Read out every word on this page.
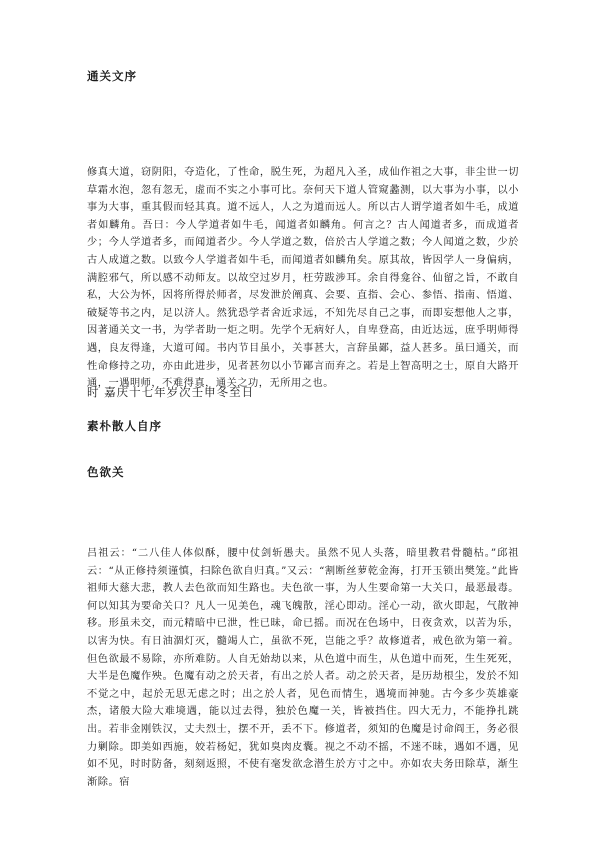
通关文序

修真大道，窃阴阳，夺造化，了性命，脱生死，为超凡入圣，成仙作祖之大事，非尘世一切草霜水泡，忽有忽无，虚而不实之小事可比。奈何天下道人管窥蠡测，以大事为小事，以小事为大事，重其假而轻其真。道不远人，人之为道而远人。所以古人谓学道者如牛毛，成道者如麟角。吾曰：今人学道者如牛毛，闻道者如麟角。何言之？古人闻道者多，而成道者少；今人学道者多，而闻道者少。今人学道之数，倍於古人学道之数；今人闻道之数，少於古人成道之数。以致今人学道者如牛毛，而闻道者如麟角矣。原其故，皆因学人一身偏病，满腔邪气，所以感不动师友。以故空过岁月，枉劳跋涉耳。余自得龛谷、仙留之旨，不敢自私，大公为怀，因将所得於师者，尽发泄於阐真、会要、直指、会心、参悟、指南、悟道、破疑等书之内，足以济人。然犹恐学者舍近求远，不知先尽自己之事，而即妄想他人之事，因著通关文一书，为学者助一炬之明。先学个无病好人，自卑登高，由近达远，庶乎明师得遇，良友得逢，大道可闻。书内节目虽小，关事甚大，言辞虽鄙，益人甚多。虽曰通关，而性命修持之功，亦由此进步，见者甚勿以小节鄙言而弃之。若是上智高明之士，原自大路开通，一遇明师，不难得真，通关之功，无所用之也。

时 嘉庆十七年岁次壬申冬至日

素朴散人自序
色欲关

吕祖云：“二八佳人体似酥，腰中仗剑斩愚夫。虽然不见人头落，暗里教君骨髓枯。”邱祖云：“从正修持须谨慎，扫除色欲自归真。”又云：“割断丝萝乾金海，打开玉锁出樊笼。”此皆祖师大慈大悲，教人去色欲而知生路也。夫色欲一事，为人生要命第一大关口，最恶最毒。何以知其为要命关口？凡人一见美色，魂飞魄散，淫心即动。淫心一动，欲火即起，气散神移。形虽未交，而元精暗中已泄，性已昧，命已摇。而况在色场中，日夜贪欢，以苦为乐，以害为快。有日油涸灯灭，髓竭人亡，虽欲不死，岂能之乎？故修道者，戒色欲为第一着。但色欲最不易除，亦所难防。人自无始劫以来，从色道中而生，从色道中而死，生生死死，大半是色魔作殃。色魔有动之於天者，有出之於人者。动之於天者，是历劫根尘，发於不知不觉之中，起於无思无虑之时；出之於人者，见色而情生，遇境而神驰。古今多少英雄豪杰，诸般大险大难境遇，能以过去得，独於色魔一关，皆被挡住。四大无力，不能挣扎跳出。若非金刚铁汉，丈夫烈士，摆不开，丢不下。修道者，须知的色魔是讨命阎王，务必很力剿除。即美如西施，姣若杨妃，犹如臭肉皮囊。视之不动不摇，不迷不昧，遇如不遇，见如不见，时时防备，刻刻返照，不使有毫发欲念潜生於方寸之中。亦如农夫务田除草，渐生渐除。宿
